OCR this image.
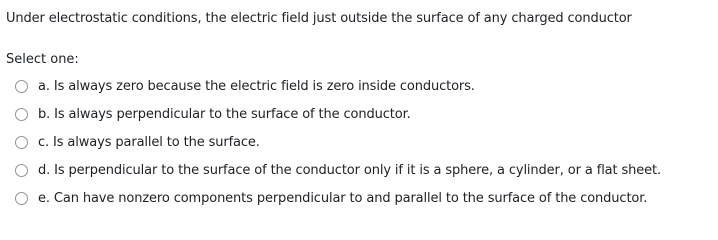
Under electrostatic conditions, the electric field just outside the surface of any charged conductor
Select one:
a. Is always zero because the electric field is zero inside conductors.
b. Is always perpendicular to the surface of the conductor.
c. Is always parallel to the surface.
d. Is perpendicular to the surface of the conductor only if it is a sphere, a cylinder, or a flat sheet.
e. Can have nonzero components perpendicular to and parallel to the surface of the conductor.
